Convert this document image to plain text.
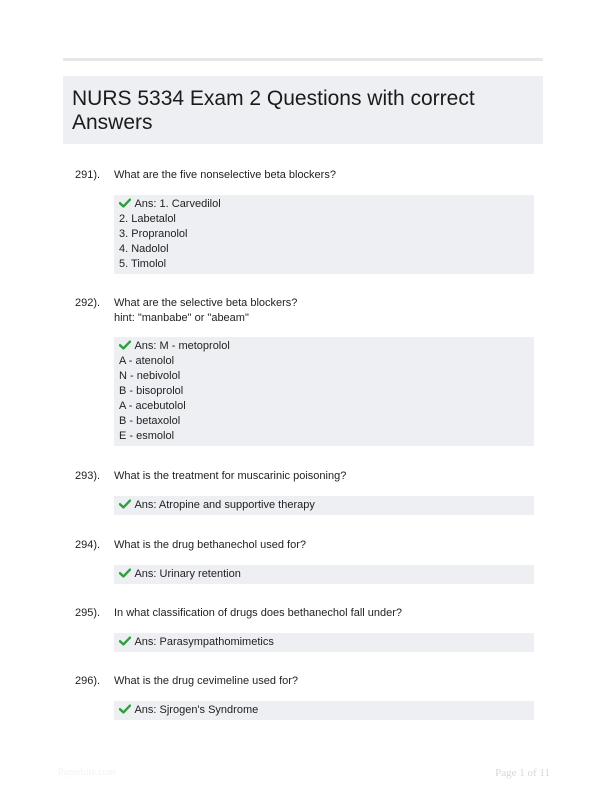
NURS 5334 Exam 2 Questions with correct Answers
291). What are the five nonselective beta blockers?
Ans: 1. Carvedilol
2. Labetalol
3. Propranolol
4. Nadolol
5. Timolol
292). What are the selective beta blockers?
hint: "manbabe" or "abeam"
Ans: M - metoprolol
A - atenolol
N - nebivolol
B - bisoprolol
A - acebutolol
B - betaxolol
E - esmolol
293). What is the treatment for muscarinic poisoning?
Ans: Atropine and supportive therapy
294). What is the drug bethanechol used for?
Ans: Urinary retention
295). In what classification of drugs does bethanechol fall under?
Ans: Parasympathomimetics
296). What is the drug cevimeline used for?
Ans: Sjrogen's Syndrome
Paperbite.com	Page 1 of 11
